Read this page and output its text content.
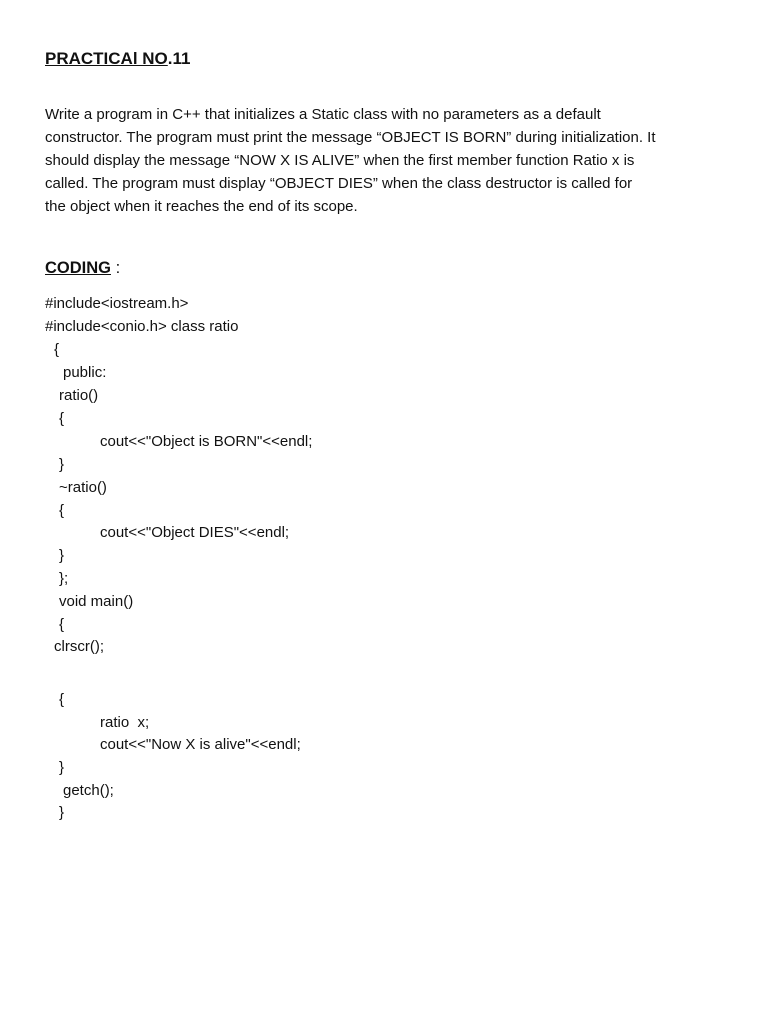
PRACTICAl NO.11
Write a program in C++ that initializes a Static class with no parameters as a default
constructor. The program must print the message “OBJECT IS BORN” during initialization. It
should display the message “NOW X IS ALIVE” when the first member function Ratio x is
called. The program must display “OBJECT DIES” when the class destructor is called for
the object when it reaches the end of its scope.
CODING :
#include<iostream.h>
#include<conio.h> class ratio
{
public:
ratio()
{
cout<<"Object is BORN"<<endl;
}
~ratio()
{
cout<<"Object DIES"<<endl;
}
};
void main()
{
clrscr();
{
ratio  x;
cout<<"Now X is alive"<<endl;
}
getch();
}
